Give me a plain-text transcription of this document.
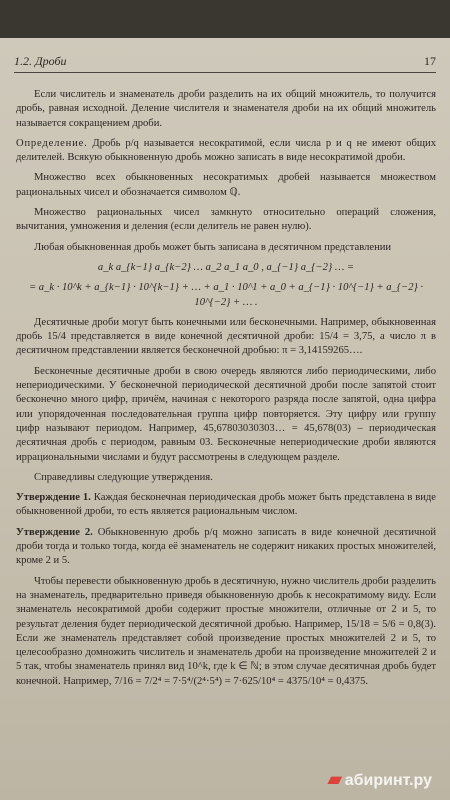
1.2. Дроби	17

Если числитель и знаменатель дроби разделить на их общий множитель, то получится дробь, равная исходной. Деление числителя и знаменателя дроби на их общий множитель называется сокращением дроби.

Определение. Дробь p/q называется несократимой, если числа p и q не имеют общих делителей. Всякую обыкновенную дробь можно записать в виде несократимой дроби.

Множество всех обыкновенных несократимых дробей называется множеством рациональных чисел и обозначается символом ℚ.

Множество рациональных чисел замкнуто относительно операций сложения, вычитания, умножения и деления (если делитель не равен нулю).

Любая обыкновенная дробь может быть записана в десятичном представлении

a_k a_{k−1} a_{k−2} … a_2 a_1 a_0 , a_{−1} a_{−2} … =
= a_k · 10^k + a_{k−1} · 10^{k−1} + … + a_1 · 10^1 + a_0 + a_{−1} · 10^{−1} + a_{−2} · 10^{−2} + … .

Десятичные дроби могут быть конечными или бесконечными. Например, обыкновенная дробь 15/4 представляется в виде конечной десятичной дроби: 15/4 = 3,75, а число π в десятичном представлении является бесконечной дробью: π = 3,14159265….

Бесконечные десятичные дроби в свою очередь являются либо периодическими, либо непериодическими. У бесконечной периодической десятичной дроби после запятой стоит бесконечно много цифр, причём, начиная с некоторого разряда после запятой, одна цифра или упорядоченная последовательная группа цифр повторяется. Эту цифру или группу цифр называют периодом. Например, 45,67803030303… = 45,678(03) – периодическая десятичная дробь с периодом, равным 03. Бесконечные непериодические дроби являются иррациональными числами и будут рассмотрены в следующем разделе.

Справедливы следующие утверждения.

Утверждение 1. Каждая бесконечная периодическая дробь может быть представлена в виде обыкновенной дроби, то есть является рациональным числом.

Утверждение 2. Обыкновенную дробь p/q можно записать в виде конечной десятичной дроби тогда и только тогда, когда её знаменатель не содержит никаких простых множителей, кроме 2 и 5.

Чтобы перевести обыкновенную дробь в десятичную, нужно числитель дроби разделить на знаменатель, предварительно приведя обыкновенную дробь к несократимому виду. Если знаменатель несократимой дроби содержит простые множители, отличные от 2 и 5, то результат деления будет периодической десятичной дробью. Например, 15/18 = 5/6 = 0,8(3). Если же знаменатель представляет собой произведение простых множителей 2 и 5, то целесообразно домножить числитель и знаменатель дроби на произведение множителей 2 и 5 так, чтобы знаменатель принял вид 10^k, где k ∈ ℕ; в этом случае десятичная дробь будет конечной. Например, 7/16 = 7/2⁴ = 7·5⁴/(2⁴·5⁴) = 7·625/10⁴ = 4375/10⁴ = 0,4375.

▰ абиринт.ру
